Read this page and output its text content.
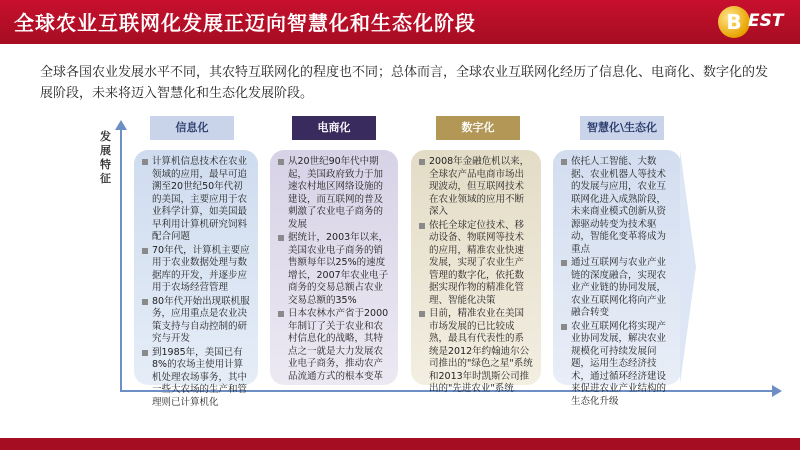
全球农业互联网化发展正迈向智慧化和生态化阶段	B EST
全球各国农业发展水平不同，其农特互联网化的程度也不同；总体而言，全球农业互联网化经历了信息化、电商化、数字化的发展阶段，未来将迈入智慧化和生态化发展阶段。
发展特征
信息化	电商化	数字化	智慧化\生态化
计算机信息技术在农业领域的应用，最早可追溯至20世纪50年代初的美国，主要应用于农业科学计算，如美国最早利用计算机研究饲料配合问题
70年代，计算机主要应用于农业数据处理与数据库的开发，并逐步应用于农场经营管理
80年代开始出现联机服务，应用重点是农业决策支持与自动控制的研究与开发
到1985年，美国已有8%的农场主使用计算机处理农场事务，其中一些大农场的生产和管理则已计算机化
从20世纪90年代中期起，美国政府致力于加速农村地区网络设施的建设，而互联网的普及刺激了农业电子商务的发展
据统计，2003年以来，美国农业电子商务的销售额每年以25%的速度增长，2007年农业电子商务的交易总额占农业交易总额的35%
日本农林水产省于2000年制订了关于农业和农村信息化的战略，其特点之一就是大力发展农业电子商务，推动农产品流通方式的根本变革
2008年金融危机以来，全球农产品电商市场出现波动，但互联网技术在农业领域的应用不断深入
依托全球定位技术、移动设备、物联网等技术的应用，精准农业快速发展，实现了农业生产管理的数字化，依托数据实现作物的精准化管理、智能化决策
目前，精准农业在美国市场发展的已比较成熟，最具有代表性的系统是2012年约翰迪尔公司推出的"绿色之星"系统和2013年时凯斯公司推出的"先进农业"系统
依托人工智能、大数据、农业机器人等技术的发展与应用，农业互联网化进入成熟阶段，未来商业模式创新从资源驱动转变为技术驱动，智能化变革将成为重点
通过互联网与农业产业链的深度融合，实现农业产业链的协同发展，农业互联网化将向产业融合转变
农业互联网化将实现产业协同发展，解决农业规模化可持续发展问题，运用生态经济技术，通过循环经济建设来促进农业产业结构的生态化升级
